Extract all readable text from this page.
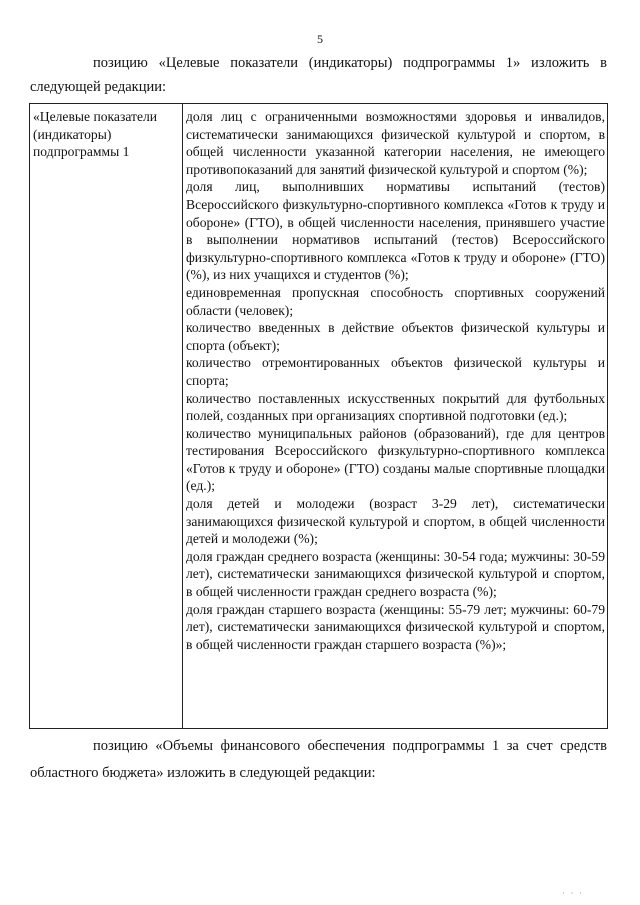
5
позицию «Целевые показатели (индикаторы) подпрограммы 1» изложить в следующей редакции:
«Целевые показатели (индикаторы) подпрограммы 1
доля лиц с ограниченными возможностями здоровья и инвалидов, систематически занимающихся физической культурой и спортом, в общей численности указанной категории населения, не имеющего противопоказаний для занятий физической культурой и спортом (%);
доля лиц, выполнивших нормативы испытаний (тестов) Всероссийского физкультурно-спортивного комплекса «Готов к труду и обороне» (ГТО), в общей численности населения, принявшего участие в выполнении нормативов испытаний (тестов) Всероссийского физкультурно-спортивного комплекса «Готов к труду и обороне» (ГТО) (%), из них учащихся и студентов (%);
единовременная пропускная способность спортивных сооружений области (человек);
количество введенных в действие объектов физической культуры и спорта (объект);
количество отремонтированных объектов физической культуры и спорта;
количество поставленных искусственных покрытий для футбольных полей, созданных при организациях спортивной подготовки (ед.);
количество муниципальных районов (образований), где для центров тестирования Всероссийского физкультурно-спортивного комплекса «Готов к труду и обороне» (ГТО) созданы малые спортивные площадки (ед.);
доля детей и молодежи (возраст 3-29 лет), систематически занимающихся физической культурой и спортом, в общей численности детей и молодежи (%);
доля граждан среднего возраста (женщины: 30-54 года; мужчины: 30-59 лет), систематически занимающихся физической культурой и спортом, в общей численности граждан среднего возраста (%);
доля граждан старшего возраста (женщины: 55-79 лет; мужчины: 60-79 лет), систематически занимающихся физической культурой и спортом, в общей численности граждан старшего возраста (%)»;
позицию «Объемы финансового обеспечения подпрограммы 1 за счет средств областного бюджета» изложить в следующей редакции:
· · ·
